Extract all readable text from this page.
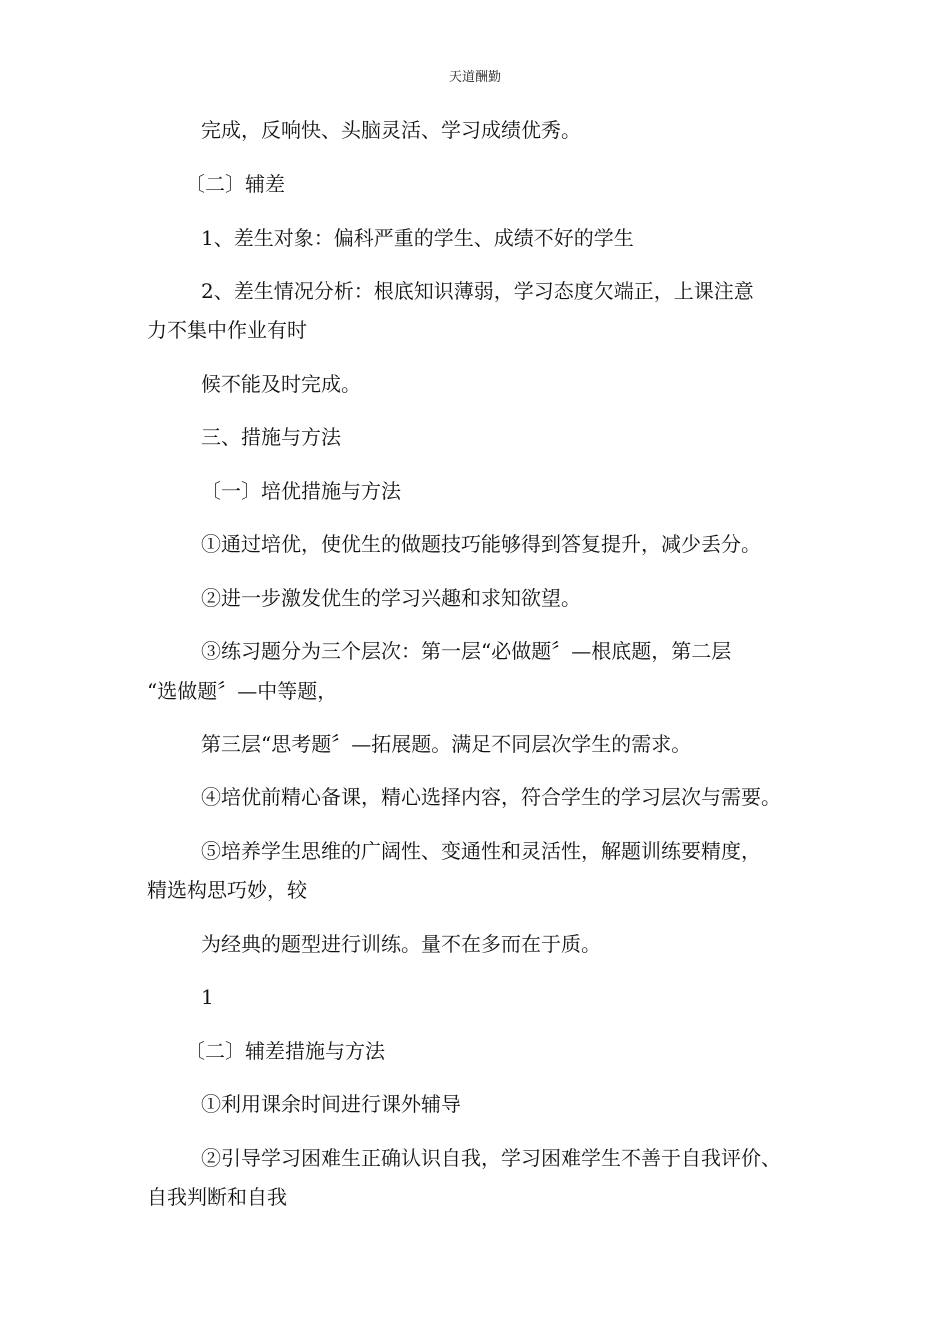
天道酬勤
完成，反响快、头脑灵活、学习成绩优秀。
〔二〕辅差
1、差生对象：偏科严重的学生、成绩不好的学生
2、差生情况分析：根底知识薄弱，学习态度欠端正，上课注意
力不集中作业有时
候不能及时完成。
三、措施与方法
〔一〕培优措施与方法
①通过培优，使优生的做题技巧能够得到答复提升，减少丢分。
②进一步激发优生的学习兴趣和求知欲望。
③练习题分为三个层次：第一层“必做题〞—根底题，第二层
“选做题〞—中等题，
第三层“思考题〞—拓展题。满足不同层次学生的需求。
④培优前精心备课，精心选择内容，符合学生的学习层次与需要。
⑤培养学生思维的广阔性、变通性和灵活性，解题训练要精度，
精选构思巧妙，较
为经典的题型进行训练。量不在多而在于质。
1
〔二〕辅差措施与方法
①利用课余时间进行课外辅导
②引导学习困难生正确认识自我，学习困难学生不善于自我评价、
自我判断和自我
